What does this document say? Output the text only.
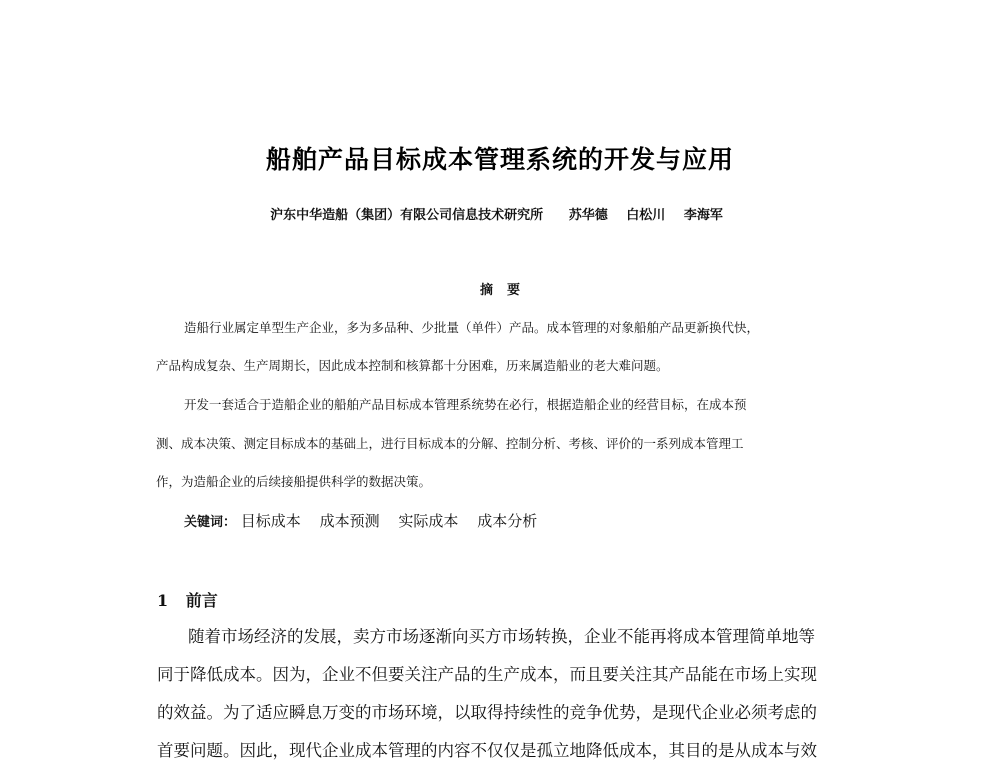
船舶产品目标成本管理系统的开发与应用
沪东中华造船（集团）有限公司信息技术研究所 苏华德 白松川 李海军
摘要
造船行业属定单型生产企业，多为多品种、少批量（单件）产品。成本管理的对象船舶产品更新换代快，
产品构成复杂、生产周期长，因此成本控制和核算都十分困难，历来属造船业的老大难问题。
开发一套适合于造船企业的船舶产品目标成本管理系统势在必行，根据造船企业的经营目标，在成本预
测、成本决策、测定目标成本的基础上，进行目标成本的分解、控制分析、考核、评价的一系列成本管理工
作，为造船企业的后续接船提供科学的数据决策。
关键词： 目标成本 成本预测 实际成本 成本分析
1 前言
随着市场经济的发展，卖方市场逐渐向买方市场转换，企业不能再将成本管理简单地等
同于降低成本。因为，企业不但要关注产品的生产成本，而且要关注其产品能在市场上实现
的效益。为了适应瞬息万变的市场环境，以取得持续性的竞争优势，是现代企业必须考虑的
首要问题。因此，现代企业成本管理的内容不仅仅是孤立地降低成本，其目的是从成本与效
